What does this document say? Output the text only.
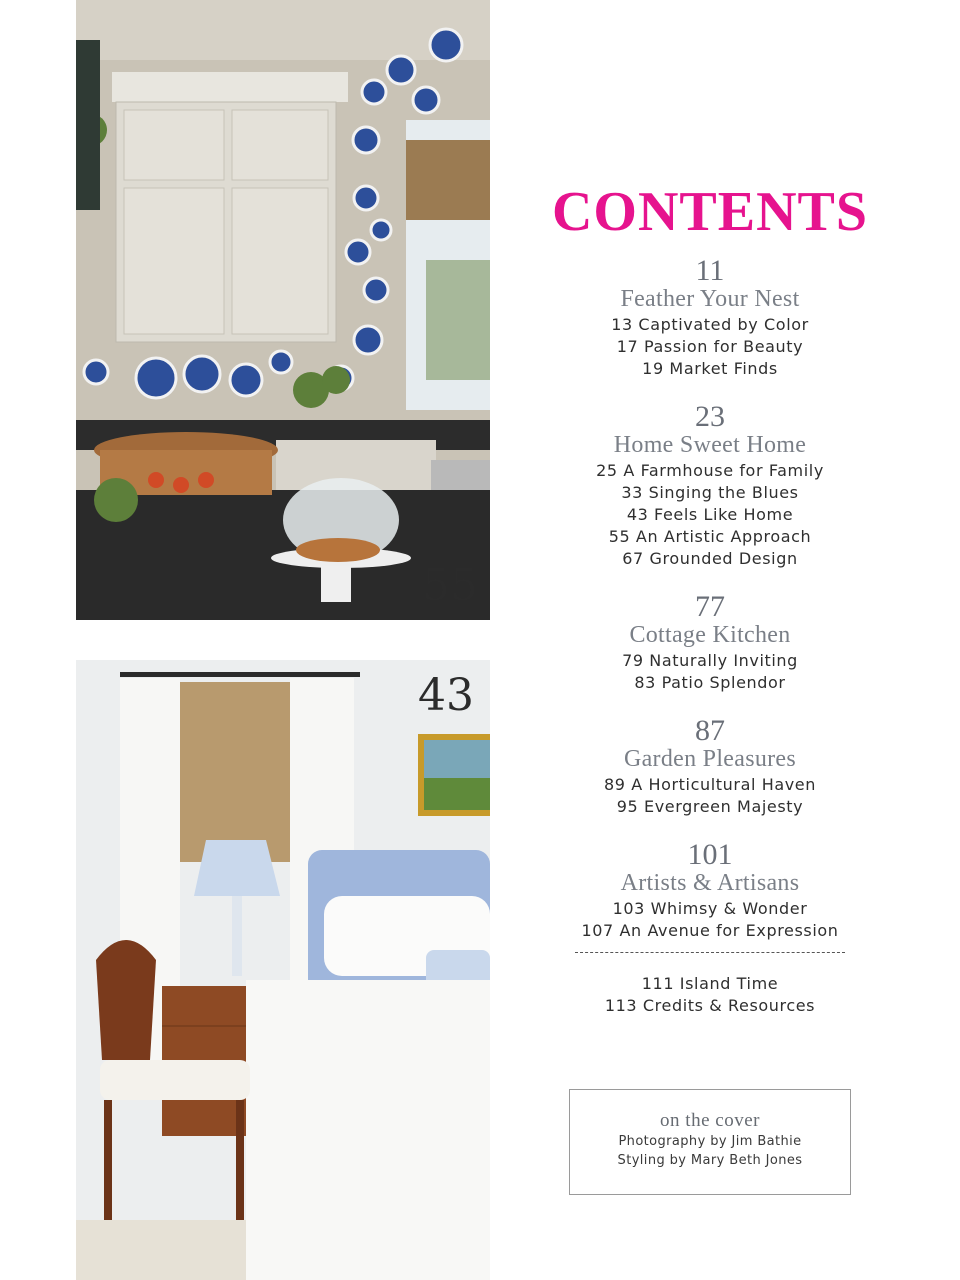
55
43
CONTENTS

11

Feather Your Nest

13 Captivated by Color

17 Passion for Beauty

19 Market Finds

23

Home Sweet Home

25 A Farmhouse for Family

33 Singing the Blues

43 Feels Like Home

55 An Artistic Approach

67 Grounded Design

77

Cottage Kitchen

79 Naturally Inviting

83 Patio Splendor

87

Garden Pleasures

89 A Horticultural Haven

95 Evergreen Majesty

101

Artists & Artisans

103 Whimsy & Wonder

107 An Avenue for Expression

111 Island Time

113 Credits & Resources

on the cover
Photography by Jim Bathie
Styling by Mary Beth Jones
